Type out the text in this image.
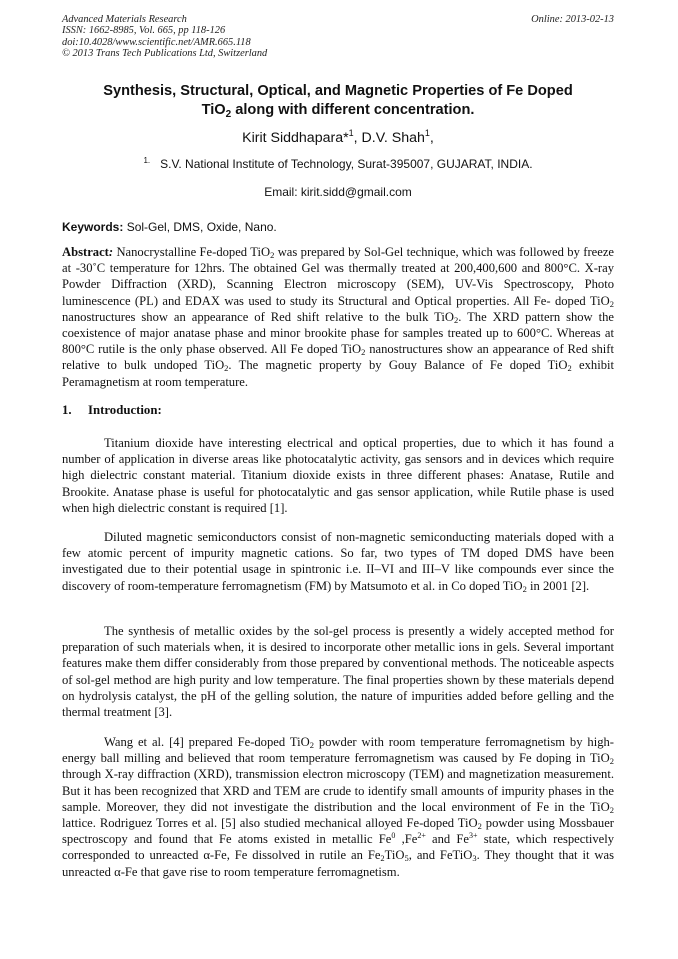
Advanced Materials Research
ISSN: 1662-8985, Vol. 665, pp 118-126
doi:10.4028/www.scientific.net/AMR.665.118
© 2013 Trans Tech Publications Ltd, Switzerland
Online: 2013-02-13
Synthesis, Structural, Optical, and Magnetic Properties of Fe Doped
TiO$_2$ along with different concentration.
Kirit Siddhapara*$^1$, D.V. Shah$^1$,
$^{1.}$ S.V. National Institute of Technology, Surat-395007, GUJARAT, INDIA.
Email: kirit.sidd@gmail.com
Keywords: Sol-Gel, DMS, Oxide, Nano.
Abstract: Nanocrystalline Fe-doped TiO$_2$ was prepared by Sol-Gel technique, which was followed by freeze at -30˚C temperature for 12hrs. The obtained Gel was thermally treated at 200,400,600 and 800°C. X-ray Powder Diffraction (XRD), Scanning Electron microscopy (SEM), UV-Vis Spectroscopy, Photo luminescence (PL) and EDAX was used to study its Structural and Optical properties. All Fe- doped TiO$_2$ nanostructures show an appearance of Red shift relative to the bulk TiO$_2$. The XRD pattern show the coexistence of major anatase phase and minor brookite phase for samples treated up to 600°C. Whereas at 800°C rutile is the only phase observed. All Fe doped TiO$_2$ nanostructures show an appearance of Red shift relative to bulk undoped TiO$_2$. The magnetic property by Gouy Balance of Fe doped TiO$_2$ exhibit Peramagnetism at room temperature.
1. Introduction:
Titanium dioxide have interesting electrical and optical properties, due to which it has found a number of application in diverse areas like photocatalytic activity, gas sensors and in devices which require high dielectric constant material. Titanium dioxide exists in three different phases: Anatase, Rutile and Brookite. Anatase phase is useful for photocatalytic and gas sensor application, while Rutile phase is used when high dielectric constant is required [1].
Diluted magnetic semiconductors consist of non-magnetic semiconducting materials doped with a few atomic percent of impurity magnetic cations. So far, two types of TM doped DMS have been investigated due to their potential usage in spintronic i.e. II–VI and III–V like compounds ever since the discovery of room-temperature ferromagnetism (FM) by Matsumoto et al. in Co doped TiO$_2$ in 2001 [2].
The synthesis of metallic oxides by the sol-gel process is presently a widely accepted method for preparation of such materials when, it is desired to incorporate other metallic ions in gels. Several important features make them differ considerably from those prepared by conventional methods. The noticeable aspects of sol-gel method are high purity and low temperature. The final properties shown by these materials depend on hydrolysis catalyst, the pH of the gelling solution, the nature of impurities added before gelling and the thermal treatment [3].
Wang et al. [4] prepared Fe-doped TiO$_2$ powder with room temperature ferromagnetism by high-energy ball milling and believed that room temperature ferromagnetism was caused by Fe doping in TiO$_2$ through X-ray diffraction (XRD), transmission electron microscopy (TEM) and magnetization measurement. But it has been recognized that XRD and TEM are crude to identify small amounts of impurity phases in the sample. Moreover, they did not investigate the distribution and the local environment of Fe in the TiO$_2$ lattice. Rodriguez Torres et al. [5] also studied mechanical alloyed Fe-doped TiO$_2$ powder using Mossbauer spectroscopy and found that Fe atoms existed in metallic Fe$^0$ $,Fe^{2+}$ and $Fe^{3+}$ state, which respectively corresponded to unreacted α-Fe, Fe dissolved in rutile an $Fe_2TiO_5$, and FeTiO$_3$. They thought that it was unreacted α-Fe that gave rise to room temperature ferromagnetism.
